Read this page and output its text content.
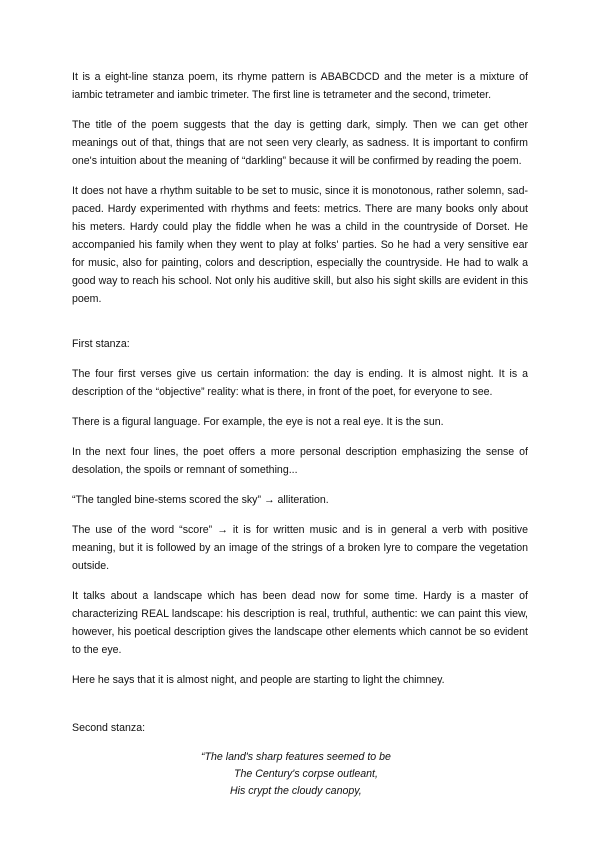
It is a eight-line stanza poem, its rhyme pattern is ABABCDCD and the meter is a mixture of iambic tetrameter and iambic trimeter. The first line is tetrameter and the second, trimeter.

The title of the poem suggests that the day is getting dark, simply. Then we can get other meanings out of that, things that are not seen very clearly, as sadness. It is important to confirm one's intuition about the meaning of “darkling” because it will be confirmed by reading the poem.

It does not have a rhythm suitable to be set to music, since it is monotonous, rather solemn, sad-paced. Hardy experimented with rhythms and feets: metrics. There are many books only about his meters. Hardy could play the fiddle when he was a child in the countryside of Dorset. He accompanied his family when they went to play at folks' parties. So he had a very sensitive ear for music, also for painting, colors and description, especially the countryside. He had to walk a good way to reach his school. Not only his auditive skill, but also his sight skills are evident in this poem.

First stanza:

The four first verses give us certain information: the day is ending. It is almost night. It is a description of the “objective” reality: what is there, in front of the poet, for everyone to see.

There is a figural language. For example, the eye is not a real eye. It is the sun.

In the next four lines, the poet offers a more personal description emphasizing the sense of desolation, the spoils or remnant of something...

“The tangled bine-stems scored the sky” → alliteration.

The use of the word “score” → it is for written music and is in general a verb with positive meaning, but it is followed by an image of the strings of a broken lyre to compare the vegetation outside.

It talks about a landscape which has been dead now for some time. Hardy is a master of characterizing REAL landscape: his description is real, truthful, authentic: we can paint this view, however, his poetical description gives the landscape other elements which cannot be so evident to the eye.

Here he says that it is almost night, and people are starting to light the chimney.

Second stanza:

“The land's sharp features seemed to be
The Century's corpse outleant,
His crypt the cloudy canopy,
